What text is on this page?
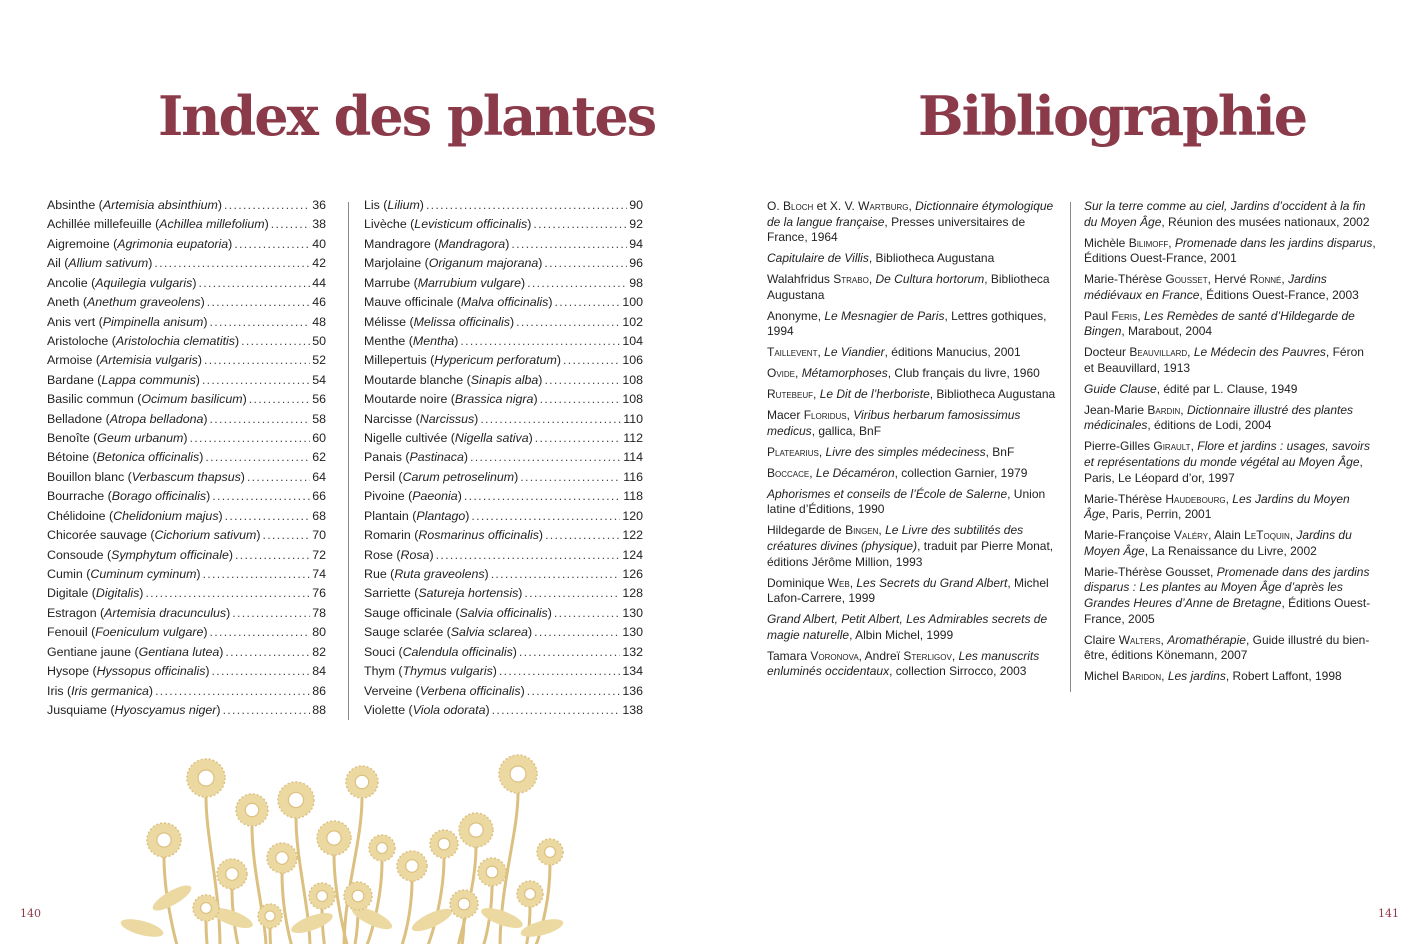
Index des plantes
Absinthe (Artemisia absinthium) .....	36
Achillée millefeuille (Achillea millefolium) .....	38
Aigremoine (Agrimonia eupatoria) .....	40
Ail (Allium sativum) .....	42
Ancolie (Aquilegia vulgaris) .....	44
Aneth (Anethum graveolens) .....	46
Anis vert (Pimpinella anisum) .....	48
Aristoloche (Aristolochia clematitis) .....	50
Armoise (Artemisia vulgaris) .....	52
Bardane (Lappa communis) .....	54
Basilic commun (Ocimum basilicum) .....	56
Belladone (Atropa belladona) .....	58
Benoîte (Geum urbanum) .....	60
Bétoine (Betonica officinalis) .....	62
Bouillon blanc (Verbascum thapsus) .....	64
Bourrache (Borago officinalis) .....	66
Chélidoine (Chelidonium majus) .....	68
Chicorée sauvage (Cichorium sativum) .....	70
Consoude (Symphytum officinale) .....	72
Cumin (Cuminum cyminum) .....	74
Digitale (Digitalis) .....	76
Estragon (Artemisia dracunculus) .....	78
Fenouil (Foeniculum vulgare) .....	80
Gentiane jaune (Gentiana lutea) .....	82
Hysope (Hyssopus officinalis) .....	84
Iris (Iris germanica) .....	86
Jusquiame (Hyoscyamus niger) .....	88
Lis (Lilium) .....	90
Livèche (Levisticum officinalis) .....	92
Mandragore (Mandragora) .....	94
Marjolaine (Origanum majorana) .....	96
Marrube (Marrubium vulgare) .....	98
Mauve officinale (Malva officinalis) .....	100
Mélisse (Melissa officinalis) .....	102
Menthe (Mentha) .....	104
Millepertuis (Hypericum perforatum) .....	106
Moutarde blanche (Sinapis alba) .....	108
Moutarde noire (Brassica nigra) .....	108
Narcisse (Narcissus) .....	110
Nigelle cultivée (Nigella sativa) .....	112
Panais (Pastinaca) .....	114
Persil (Carum petroselinum) .....	116
Pivoine (Paeonia) .....	118
Plantain (Plantago) .....	120
Romarin (Rosmarinus officinalis) .....	122
Rose (Rosa) .....	124
Rue (Ruta graveolens) .....	126
Sarriette (Satureja hortensis) .....	128
Sauge officinale (Salvia officinalis) .....	130
Sauge sclarée (Salvia sclarea) .....	130
Souci (Calendula officinalis) .....	132
Thym (Thymus vulgaris) .....	134
Verveine (Verbena officinalis) .....	136
Violette (Viola odorata) .....	138
140
Bibliographie

O. Bloch et X. V. Wartburg, Dictionnaire étymologique de la langue française, Presses universitaires de France, 1964

Capitulaire de Villis, Bibliotheca Augustana

Walahfridus Strabo, De Cultura hortorum, Bibliotheca Augustana

Anonyme, Le Mesnagier de Paris, Lettres gothiques, 1994

Taillevent, Le Viandier, éditions Manucius, 2001

Ovide, Métamorphoses, Club français du livre, 1960

Rutebeuf, Le Dit de l’herboriste, Bibliotheca Augustana

Macer Floridus, Viribus herbarum famosissimus medicus, gallica, BnF

Platearius, Livre des simples médeciness, BnF

Boccace, Le Décaméron, collection Garnier, 1979

Aphorismes et conseils de l’École de Salerne, Union latine d’Éditions, 1990

Hildegarde de Bingen, Le Livre des subtilités des créatures divines (physique), traduit par Pierre Monat, éditions Jérôme Million, 1993

Dominique Web, Les Secrets du Grand Albert, Michel Lafon-Carrere, 1999

Grand Albert, Petit Albert, Les Admirables secrets de magie naturelle, Albin Michel, 1999

Tamara Voronova, Andreï Sterligov, Les manuscrits enluminés occidentaux, collection Sirrocco, 2003

Sur la terre comme au ciel, Jardins d’occident à la fin du Moyen Âge, Réunion des musées nationaux, 2002

Michèle Bilimoff, Promenade dans les jardins disparus, Éditions Ouest-France, 2001

Marie-Thérèse Gousset, Hervé Ronné, Jardins médiévaux en France, Éditions Ouest-France, 2003

Paul Feris, Les Remèdes de santé d’Hildegarde de Bingen, Marabout, 2004

Docteur Beauvillard, Le Médecin des Pauvres, Féron et Beauvillard, 1913

Guide Clause, édité par L. Clause, 1949

Jean-Marie Bardin, Dictionnaire illustré des plantes médicinales, éditions de Lodi, 2004

Pierre-Gilles Girault, Flore et jardins : usages, savoirs et représentations du monde végétal au Moyen Âge, Paris, Le Léopard d’or, 1997

Marie-Thérèse Haudebourg, Les Jardins du Moyen Âge, Paris, Perrin, 2001

Marie-Françoise Valéry, Alain LeToquin, Jardins du Moyen Âge, La Renaissance du Livre, 2002

Marie-Thérèse Gousset, Promenade dans des jardins disparus : Les plantes au Moyen Âge d’après les Grandes Heures d’Anne de Bretagne, Éditions Ouest-France, 2005

Claire Walters, Aromathérapie, Guide illustré du bien-être, éditions Könemann, 2007

Michel Baridon, Les jardins, Robert Laffont, 1998

141
